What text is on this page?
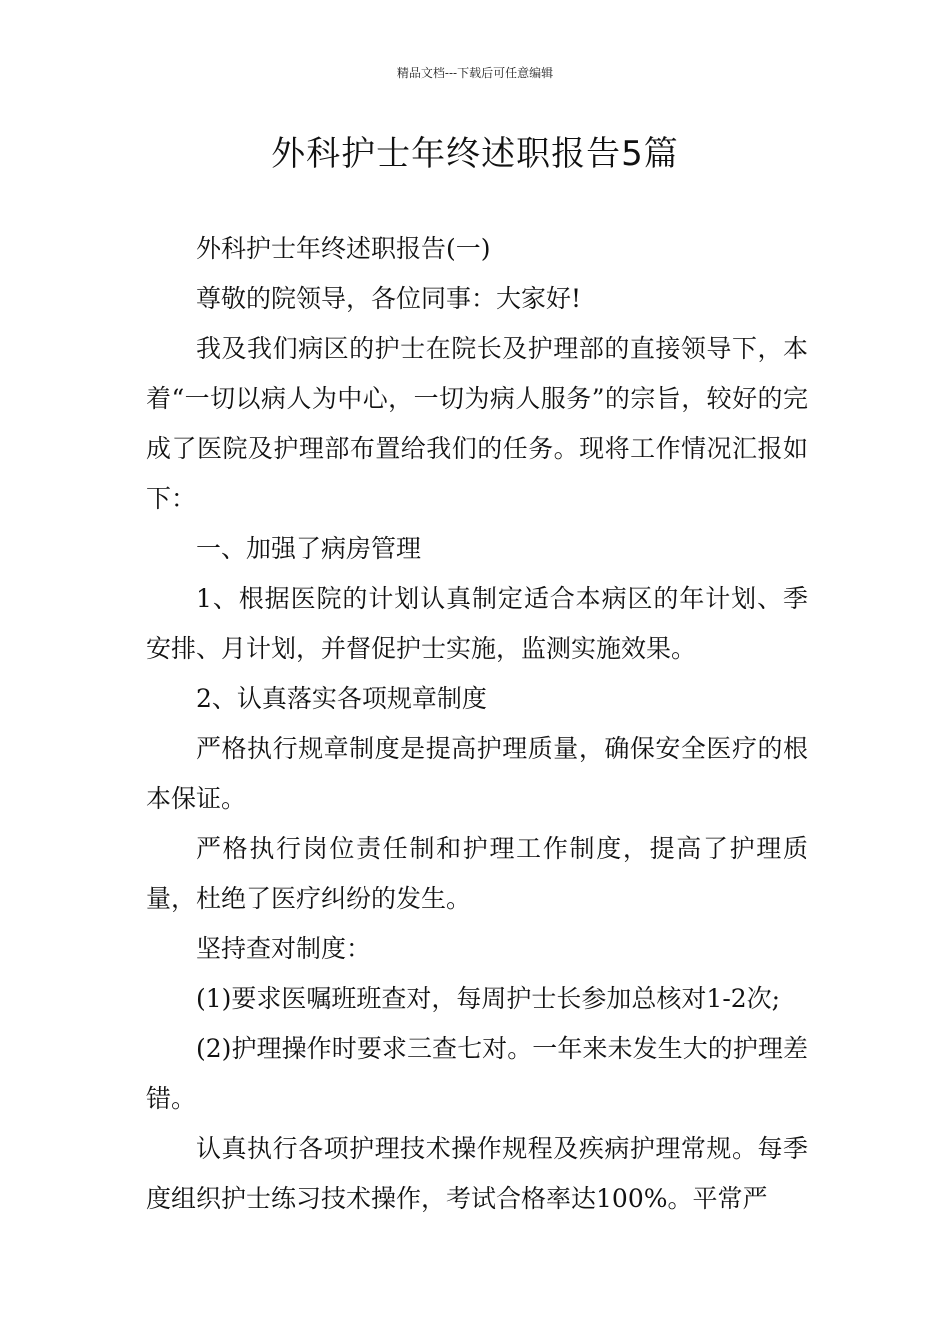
精品文档---下载后可任意编辑
外科护士年终述职报告5篇

外科护士年终述职报告(一)

尊敬的院领导，各位同事：大家好!

我及我们病区的护士在院长及护理部的直接领导下，本着“一切以病人为中心，一切为病人服务”的宗旨，较好的完成了医院及护理部布置给我们的任务。现将工作情况汇报如下：

一、加强了病房管理

1、根据医院的计划认真制定适合本病区的年计划、季安排、月计划，并督促护士实施，监测实施效果。

2、认真落实各项规章制度

严格执行规章制度是提高护理质量，确保安全医疗的根本保证。

严格执行岗位责任制和护理工作制度，提高了护理质量，杜绝了医疗纠纷的发生。

坚持查对制度：

(1)要求医嘱班班查对，每周护士长参加总核对1-2次;

(2)护理操作时要求三查七对。一年来未发生大的护理差错。

认真执行各项护理技术操作规程及疾病护理常规。每季度组织护士练习技术操作，考试合格率达100%。平常严
